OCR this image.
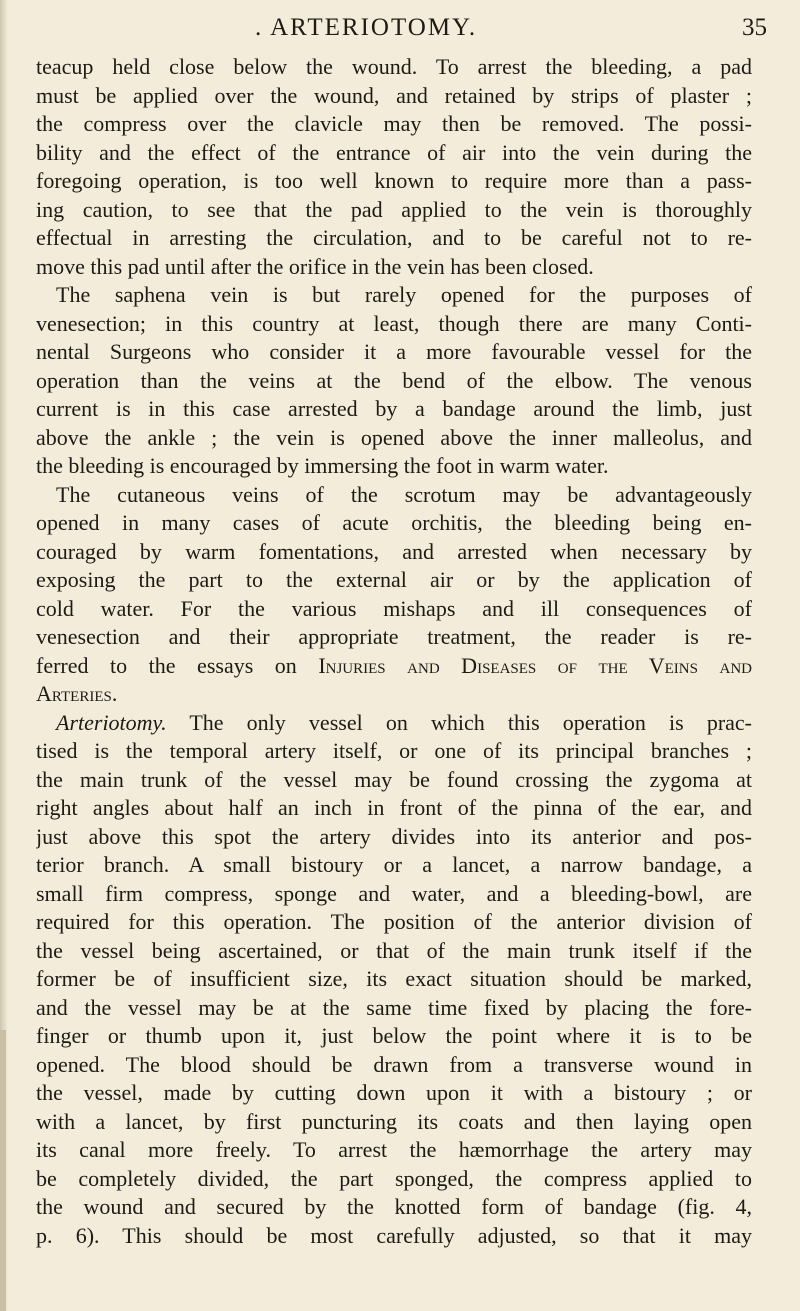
. ARTERIOTOMY.	35
teacup held close below the wound. To arrest the bleeding, a pad
must be applied over the wound, and retained by strips of plaster ;
the compress over the clavicle may then be removed. The possi-
bility and the effect of the entrance of air into the vein during the
foregoing operation, is too well known to require more than a pass-
ing caution, to see that the pad applied to the vein is thoroughly
effectual in arresting the circulation, and to be careful not to re-
move this pad until after the orifice in the vein has been closed.
The saphena vein is but rarely opened for the purposes of
venesection; in this country at least, though there are many Conti-
nental Surgeons who consider it a more favourable vessel for the
operation than the veins at the bend of the elbow. The venous
current is in this case arrested by a bandage around the limb, just
above the ankle ; the vein is opened above the inner malleolus, and
the bleeding is encouraged by immersing the foot in warm water.
The cutaneous veins of the scrotum may be advantageously
opened in many cases of acute orchitis, the bleeding being en-
couraged by warm fomentations, and arrested when necessary by
exposing the part to the external air or by the application of
cold water. For the various mishaps and ill consequences of
venesection and their appropriate treatment, the reader is re-
ferred to the essays on Injuries and Diseases of the Veins and
Arteries.
Arteriotomy. The only vessel on which this operation is prac-
tised is the temporal artery itself, or one of its principal branches ;
the main trunk of the vessel may be found crossing the zygoma at
right angles about half an inch in front of the pinna of the ear, and
just above this spot the artery divides into its anterior and pos-
terior branch. A small bistoury or a lancet, a narrow bandage, a
small firm compress, sponge and water, and a bleeding-bowl, are
required for this operation. The position of the anterior division of
the vessel being ascertained, or that of the main trunk itself if the
former be of insufficient size, its exact situation should be marked,
and the vessel may be at the same time fixed by placing the fore-
finger or thumb upon it, just below the point where it is to be
opened. The blood should be drawn from a transverse wound in
the vessel, made by cutting down upon it with a bistoury ; or
with a lancet, by first puncturing its coats and then laying open
its canal more freely. To arrest the hæmorrhage the artery may
be completely divided, the part sponged, the compress applied to
the wound and secured by the knotted form of bandage (fig. 4,
p. 6). This should be most carefully adjusted, so that it may
